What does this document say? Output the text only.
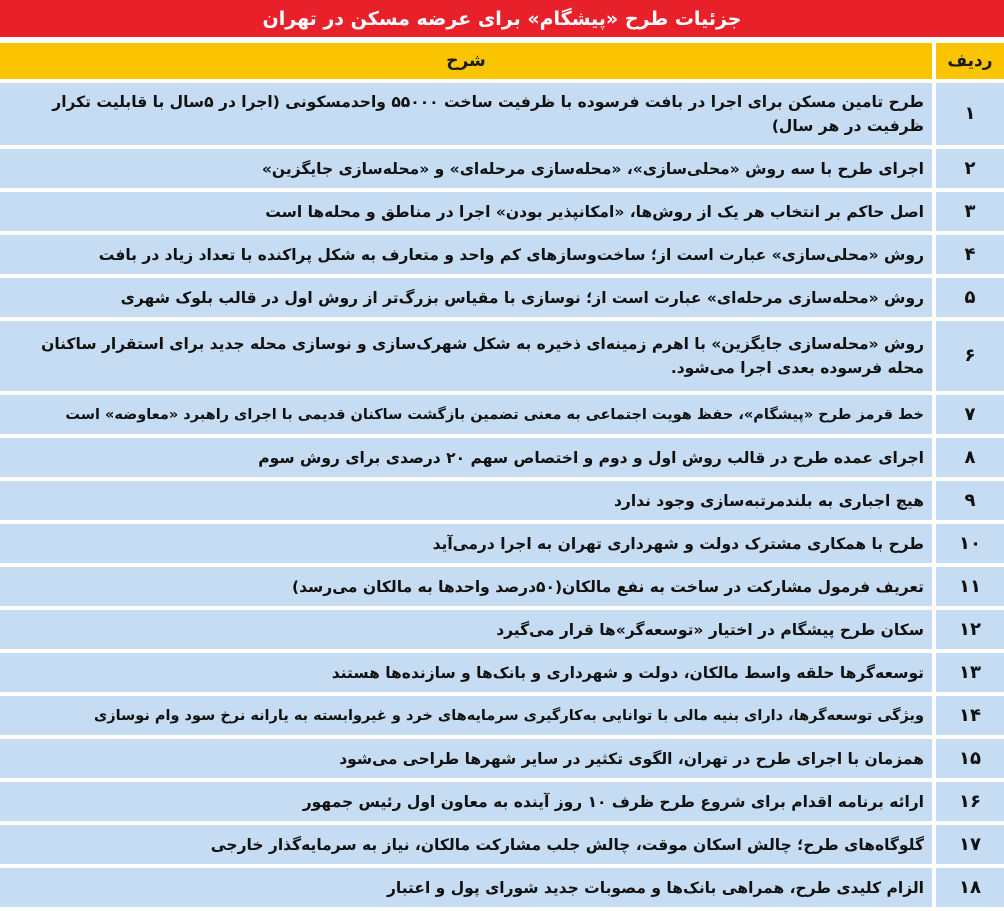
جزئیات طرح «پیشگام» برای عرضه مسکن در تهران
ردیف		شرح
۱		طرح تامین مسکن برای اجرا در بافت فرسوده با ظرفیت ساخت ۵۵۰۰۰ واحدمسکونی (اجرا در ۵سال با قابلیت تکرار ظرفیت در هر سال)
۲		اجرای طرح با سه روش «محلی‌سازی»، «محله‌سازی مرحله‌ای» و «محله‌سازی جایگزین»
۳		اصل حاکم بر انتخاب هر یک از روش‌ها، «امکانپذیر بودن» اجرا در مناطق و محله‌ها است
۴		روش «محلی‌سازی» عبارت است از؛ ساخت‌وسازهای کم واحد و متعارف به شکل پراکنده با تعداد زیاد در بافت
۵		روش «محله‌سازی مرحله‌ای» عبارت است از؛ نوسازی با مقیاس بزرگ‌تر از روش اول در قالب بلوک شهری
۶		روش «محله‌سازی جایگزین» با اهرم زمینه‌ای ذخیره به شکل شهرک‌سازی و نوسازی محله جدید برای استقرار ساکنان محله فرسوده بعدی اجرا می‌شود.
۷		خط قرمز طرح «پیشگام»، حفظ هویت اجتماعی به معنی تضمین بازگشت ساکنان قدیمی با اجرای راهبرد «معاوضه» است
۸		اجرای عمده طرح در قالب روش اول و دوم و اختصاص سهم ۲۰ درصدی برای روش سوم
۹		هیچ اجباری به بلندمرتبه‌سازی وجود ندارد
۱۰		طرح با همکاری مشترک دولت و شهرداری تهران به اجرا درمی‌آید
۱۱		تعریف فرمول مشارکت در ساخت به نفع مالکان(۵۰درصد واحدها به مالکان می‌رسد)
۱۲		سکان طرح پیشگام در اختیار «توسعه‌گر»ها قرار می‌گیرد
۱۳		توسعه‌گرها حلقه واسط مالکان، دولت و شهرداری و بانک‌ها و سازنده‌ها هستند
۱۴		ویژگی توسعه‌گرها، دارای بنیه مالی با توانایی به‌کارگیری سرمایه‌های خرد و غیروابسته به یارانه نرخ سود وام نوسازی
۱۵		همزمان با اجرای طرح در تهران، الگوی تکثیر در سایر شهرها طراحی می‌شود
۱۶		ارائه برنامه اقدام برای شروع طرح ظرف ۱۰ روز آینده به معاون اول رئیس جمهور
۱۷		گلوگاه‌های طرح؛ چالش اسکان موقت، چالش جلب مشارکت مالکان، نیاز به سرمایه‌گذار خارجی
۱۸		الزام کلیدی طرح، همراهی بانک‌ها و مصوبات جدید شورای پول و اعتبار
